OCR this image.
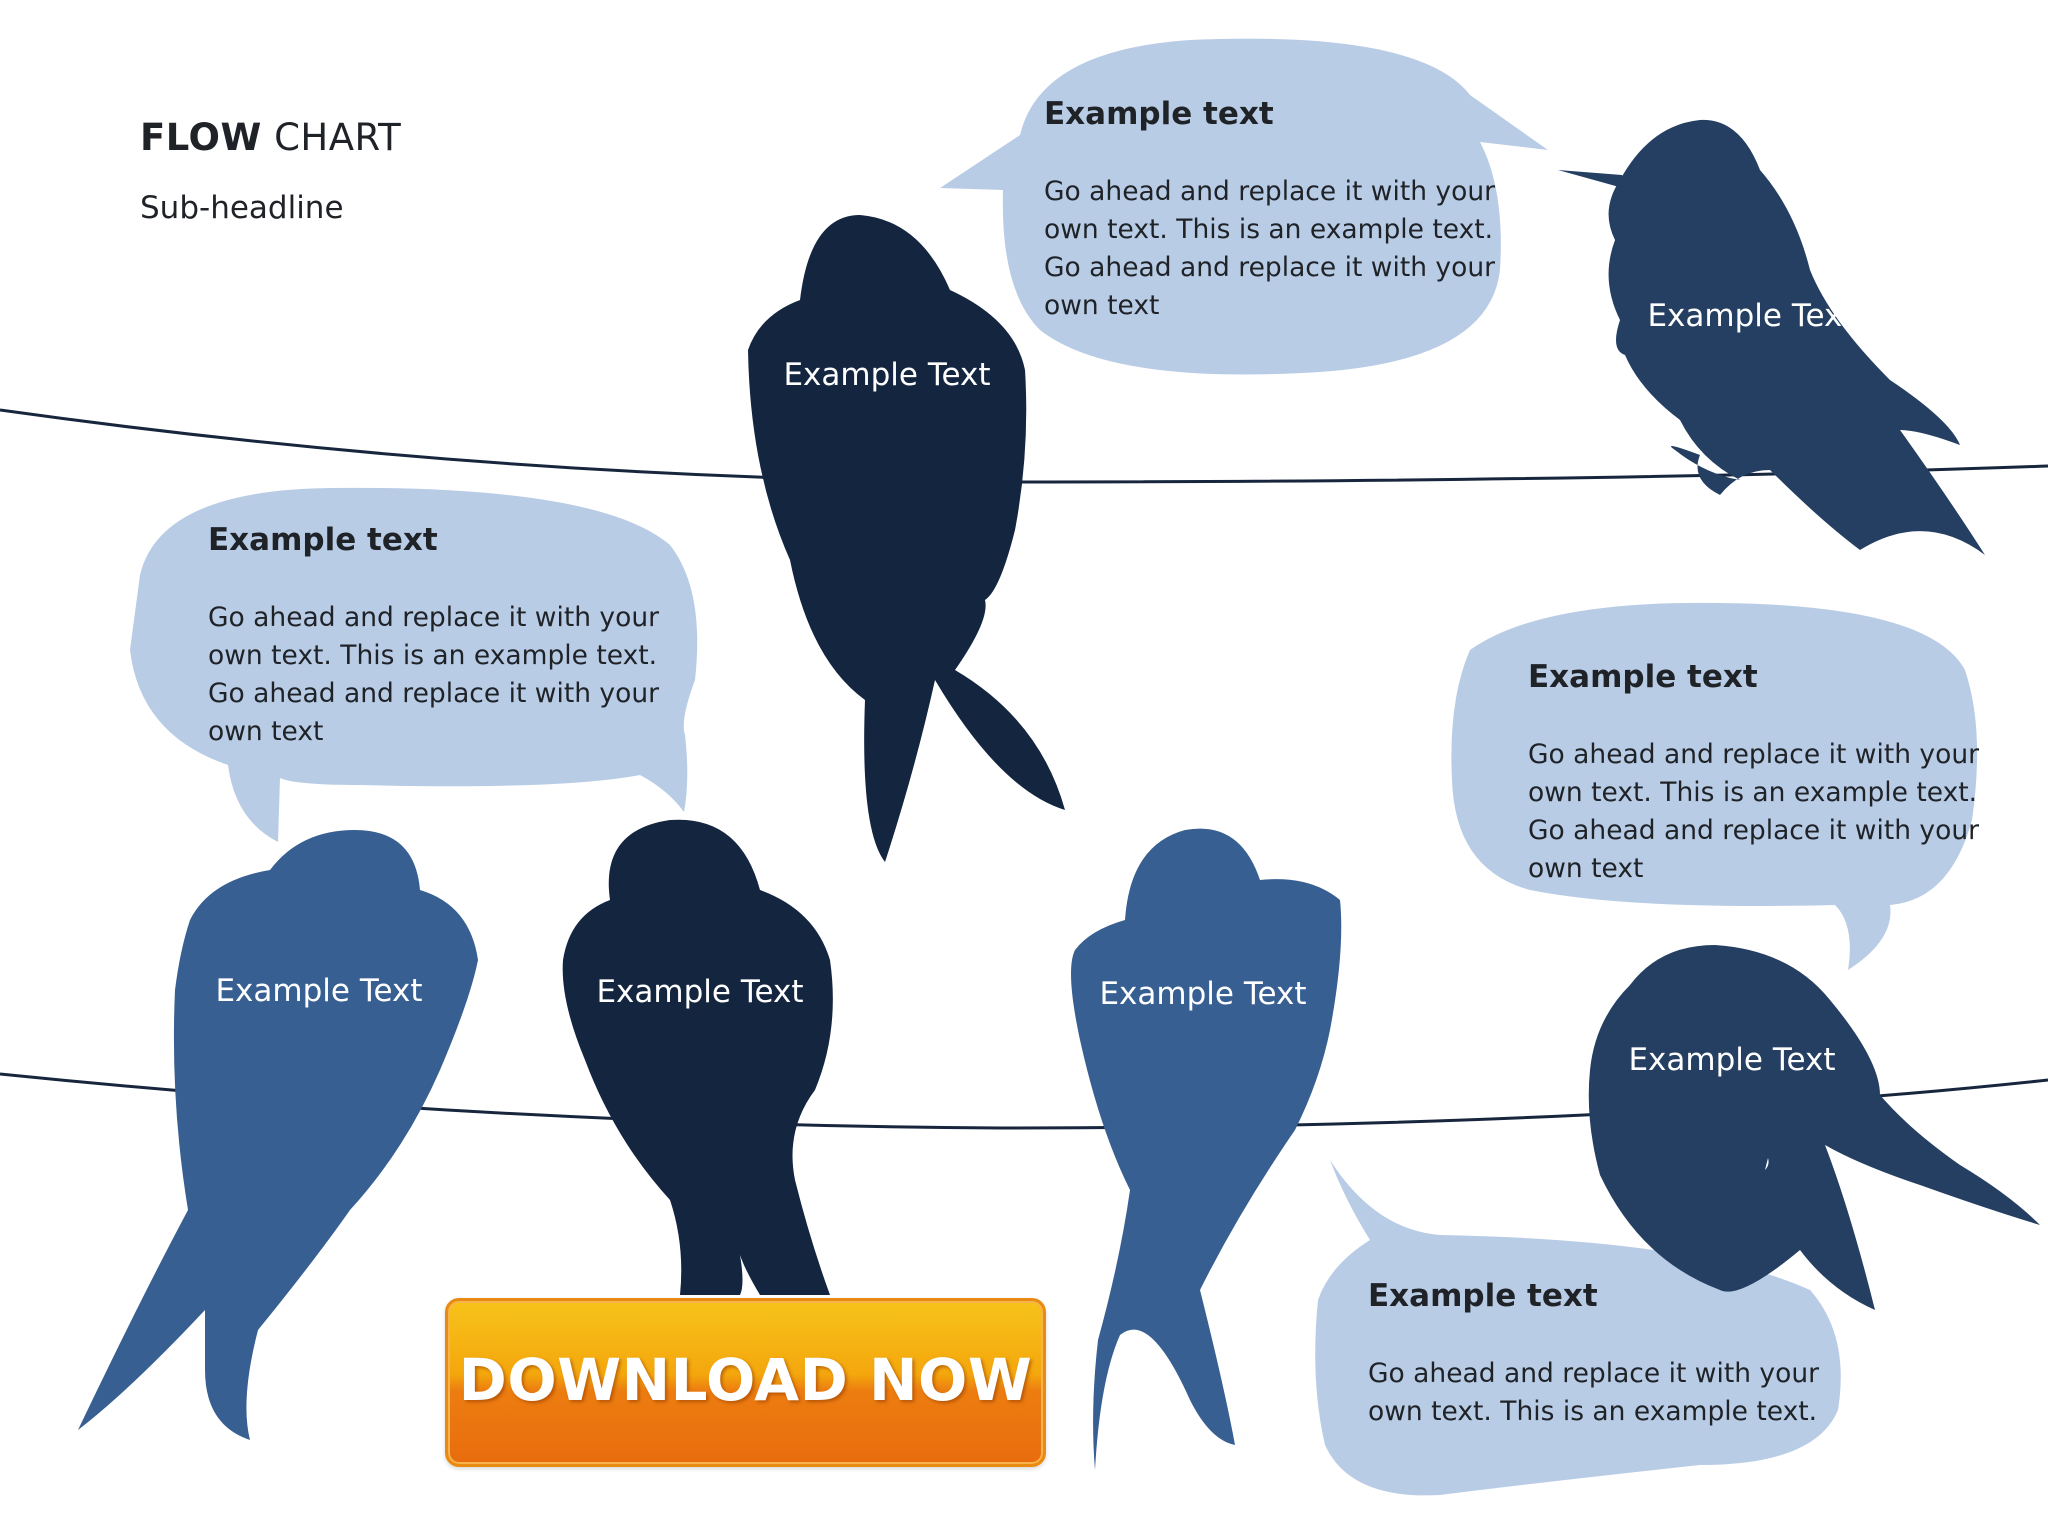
FLOW CHART
Sub-headline
Example text
Go ahead and replace it with your own text. This is an example text. Go ahead and replace it with your own text
Example text
Go ahead and replace it with your own text. This is an example text. Go ahead and replace it with your own text
Example text
Go ahead and replace it with your own text. This is an example text. Go ahead and replace it with your own text
Example text
Go ahead and replace it with your own text. This is an example text.
Example Text
Example Text
Example Text	Example Text	Example Text
Example Text
DOWNLOAD NOW
